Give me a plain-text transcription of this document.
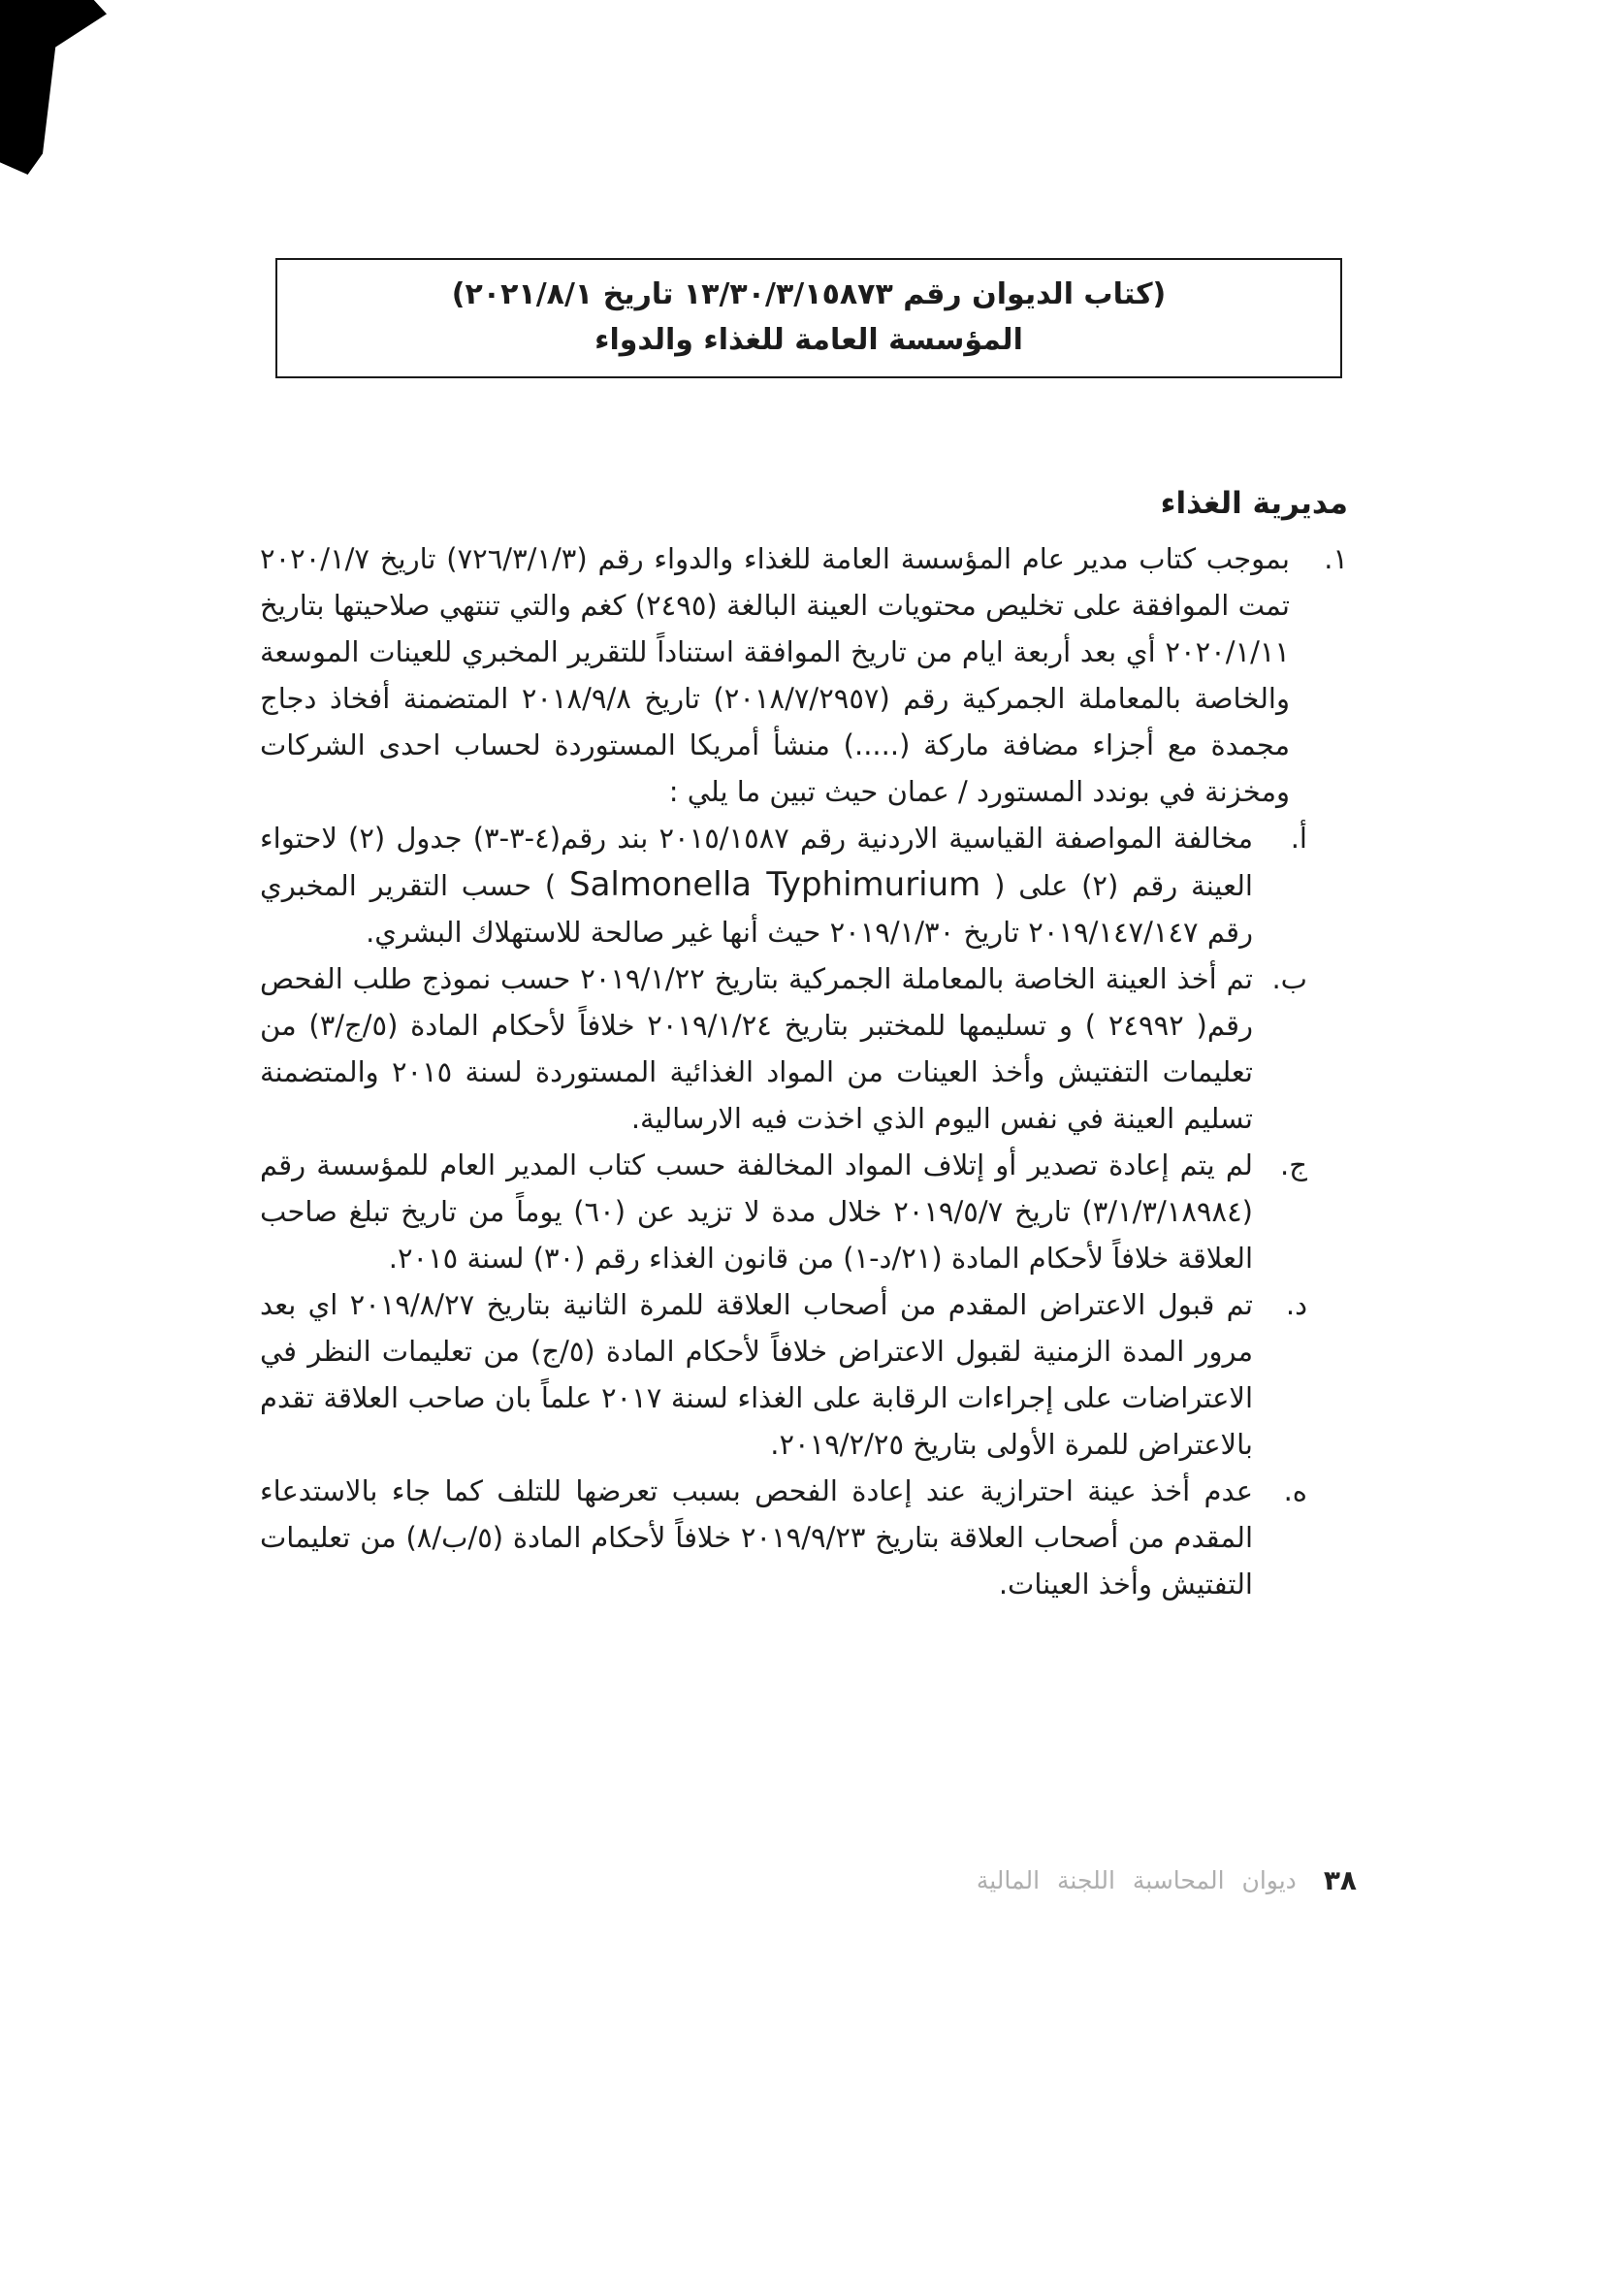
(كتاب الديوان رقم ١٣/٣٠/٣/١٥٨٧٣ تاريخ ٢٠٢١/٨/١)
المؤسسة العامة للغذاء والدواء
مديرية الغذاء
١.

بموجب كتاب مدير عام المؤسسة العامة للغذاء والدواء رقم (٧٢٦/٣/١/٣) تاريخ ٢٠٢٠/١/٧ تمت الموافقة على تخليص محتويات العينة البالغة (٢٤٩٥) كغم والتي تنتهي صلاحيتها بتاريخ ٢٠٢٠/١/١١ أي بعد أربعة ايام من تاريخ الموافقة استناداً للتقرير المخبري للعينات الموسعة والخاصة بالمعاملة الجمركية رقم (٢٠١٨/٧/٢٩٥٧) تاريخ ٢٠١٨/٩/٨ المتضمنة أفخاذ دجاج مجمدة مع أجزاء مضافة ماركة (.....) منشأ أمريكا المستوردة لحساب احدى الشركات ومخزنة في بوندد المستورد / عمان حيث تبين ما يلي :

أ.

مخالفة المواصفة القياسية الاردنية رقم ٢٠١٥/١٥٨٧ بند رقم(٤-٣-٣) جدول (٢) لاحتواء العينة رقم (٢) على ( Salmonella Typhimurium ) حسب التقرير المخبري رقم ٢٠١٩/١٤٧/١٤٧ تاريخ ٢٠١٩/١/٣٠ حيث أنها غير صالحة للاستهلاك البشري.

ب.

تم أخذ العينة الخاصة بالمعاملة الجمركية بتاريخ ٢٠١٩/١/٢٢ حسب نموذج طلب الفحص رقم( ٢٤٩٩٢ ) و تسليمها للمختبر بتاريخ ٢٠١٩/١/٢٤ خلافاً لأحكام المادة (٥/ج/٣) من تعليمات التفتيش وأخذ العينات من المواد الغذائية المستوردة لسنة ٢٠١٥ والمتضمنة تسليم العينة في نفس اليوم الذي اخذت فيه الارسالية.

ج.

لم يتم إعادة تصدير أو إتلاف المواد المخالفة حسب كتاب المدير العام للمؤسسة رقم (٣/١/٣/١٨٩٨٤) تاريخ ٢٠١٩/٥/٧ خلال مدة لا تزيد عن (٦٠) يوماً من تاريخ تبلغ صاحب العلاقة خلافاً لأحكام المادة (٢١/د-١) من قانون الغذاء رقم (٣٠) لسنة ٢٠١٥.

د.

تم قبول الاعتراض المقدم من أصحاب العلاقة للمرة الثانية بتاريخ ٢٠١٩/٨/٢٧ اي بعد مرور المدة الزمنية لقبول الاعتراض خلافاً لأحكام المادة (٥/ج) من تعليمات النظر في الاعتراضات على إجراءات الرقابة على الغذاء لسنة ٢٠١٧ علماً بان صاحب العلاقة تقدم بالاعتراض للمرة الأولى بتاريخ ٢٠١٩/٢/٢٥.

ه.

عدم أخذ عينة احترازية عند إعادة الفحص بسبب تعرضها للتلف كما جاء بالاستدعاء المقدم من أصحاب العلاقة بتاريخ ٢٠١٩/٩/٢٣ خلافاً لأحكام المادة (٥/ب/٨) من تعليمات التفتيش وأخذ العينات.

٣٨
ديوان المحاسبة اللجنة المالية
